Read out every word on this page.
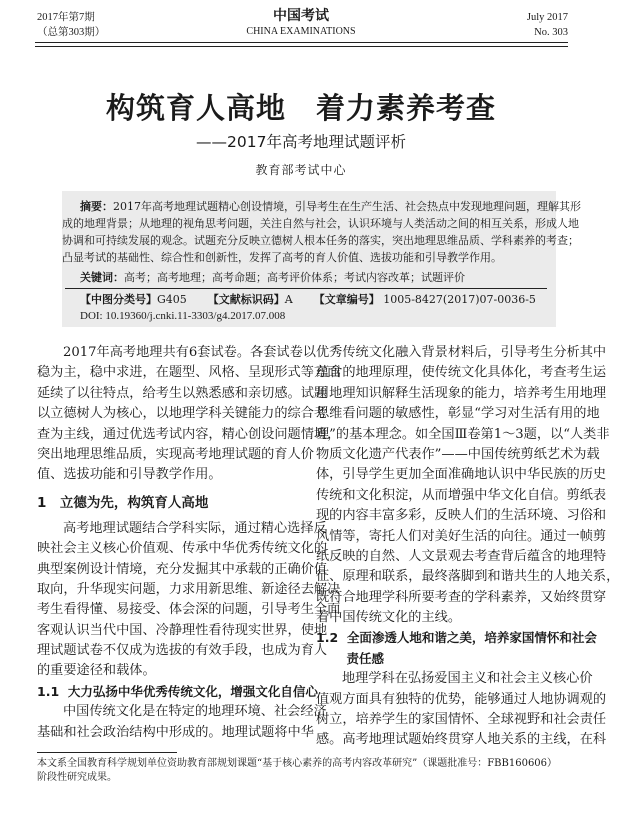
2017年第7期
（总第303期）
中国考试
CHINA EXAMINATIONS
July 2017
No. 303
构筑育人高地　着力素养考查
——2017年高考地理试题评析
教育部考试中心
摘要：2017年高考地理试题精心创设情境，引导考生在生产生活、社会热点中发现地理问题，理解其形
成的地理背景；从地理的视角思考问题，关注自然与社会，认识环境与人类活动之间的相互关系，形成人地
协调和可持续发展的观念。试题充分反映立德树人根本任务的落实，突出地理思维品质、学科素养的考查；
凸显考试的基础性、综合性和创新性，发挥了高考的育人价值、选拔功能和引导教学作用。
关键词：高考；高考地理；高考命题；高考评价体系；考试内容改革；试题评价
【中图分类号】G405 【文献标识码】A 【文章编号】 1005-8427(2017)07-0036-5
DOI: 10.19360/j.cnki.11-3303/g4.2017.07.008
2017年高考地理共有6套试卷。各套试卷以
稳为主，稳中求进，在题型、风格、呈现形式等方面
延续了以往特点，给考生以熟悉感和亲切感。试题
以立德树人为核心，以地理学科关键能力的综合考
查为主线，通过优选考试内容，精心创设问题情境，
突出地理思维品质，实现高考地理试题的育人价
值、选拔功能和引导教学作用。
1　立德为先，构筑育人高地
高考地理试题结合学科实际，通过精心选择反
映社会主义核心价值观、传承中华优秀传统文化的
典型案例设计情境，充分发掘其中承载的正确价值
取向，升华现实问题，力求用新思维、新途径去解决
考生看得懂、易接受、体会深的问题，引导考生全面
客观认识当代中国、冷静理性看待现实世界，使地
理试题试卷不仅成为选拔的有效手段，也成为育人
的重要途径和载体。
1.1  大力弘扬中华优秀传统文化，增强文化自信心
中国传统文化是在特定的地理环境、社会经济
基础和社会政治结构中形成的。地理试题将中华
优秀传统文化融入背景材料后，引导考生分析其中
蕴含的地理原理，使传统文化具体化，考查考生运
用地理知识解释生活现象的能力，培养考生用地理
思维看问题的敏感性，彰显“学习对生活有用的地
理”的基本理念。如全国Ⅲ卷第1～3题，以“人类非
物质文化遗产代表作”——中国传统剪纸艺术为载
体，引导学生更加全面准确地认识中华民族的历史
传统和文化积淀，从而增强中华文化自信。剪纸表
现的内容丰富多彩，反映人们的生活环境、习俗和
风情等，寄托人们对美好生活的向往。通过一帧剪
纸反映的自然、人文景观去考查背后蕴含的地理特
征、原理和联系，最终落脚到和谐共生的人地关系，
既符合地理学科所要考查的学科素养，又始终贯穿
着中国传统文化的主线。
1.2  全面渗透人地和谐之美，培养家国情怀和社会
责任感
地理学科在弘扬爱国主义和社会主义核心价
值观方面具有独特的优势，能够通过人地协调观的
树立，培养学生的家国情怀、全球视野和社会责任
感。高考地理试题始终贯穿人地关系的主线，在科
本文系全国教育科学规划单位资助教育部规划课题“基于核心素养的高考内容改革研究”（课题批准号：FBB160606）
阶段性研究成果。
